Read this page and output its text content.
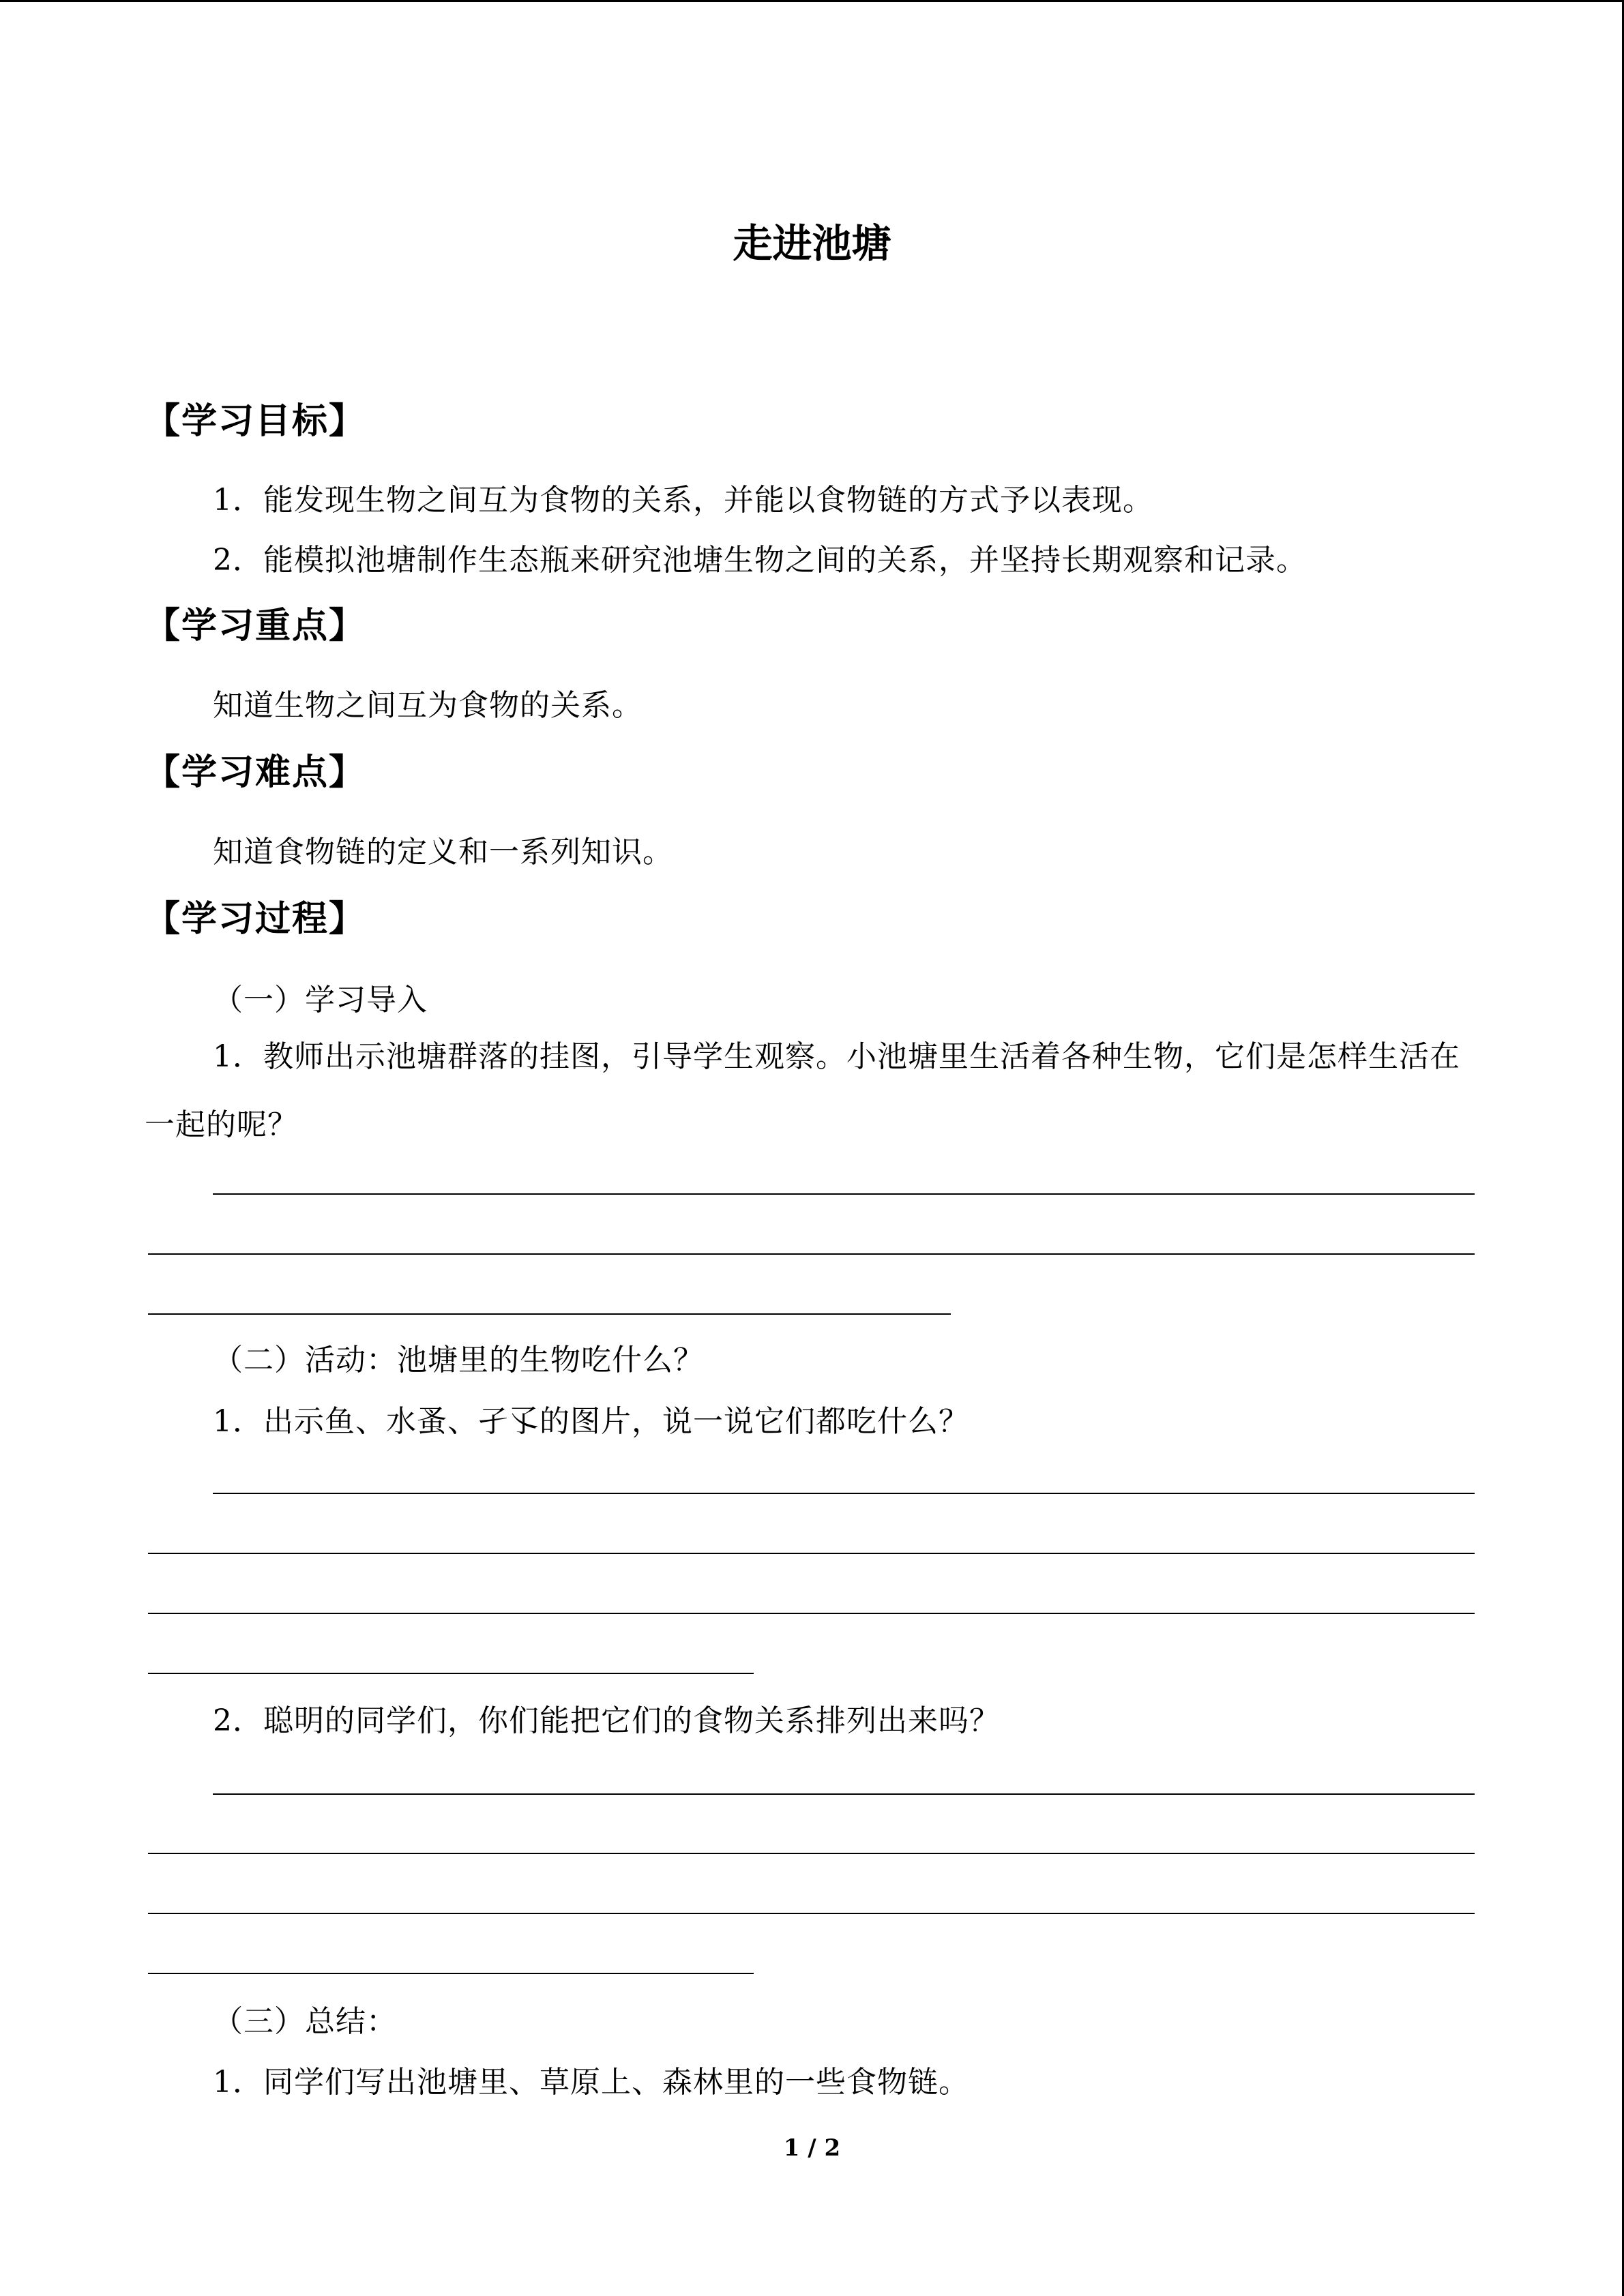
走进池塘
【学习目标】
1．能发现生物之间互为食物的关系，并能以食物链的方式予以表现。
2．能模拟池塘制作生态瓶来研究池塘生物之间的关系，并坚持长期观察和记录。
【学习重点】
知道生物之间互为食物的关系。
【学习难点】
知道食物链的定义和一系列知识。
【学习过程】
（一）学习导入
1．教师出示池塘群落的挂图，引导学生观察。小池塘里生活着各种生物，它们是怎样生活在一起的呢？
（二）活动：池塘里的生物吃什么？
1．出示鱼、水蚤、孑孓的图片，说一说它们都吃什么？
2．聪明的同学们，你们能把它们的食物关系排列出来吗？
（三）总结：
1．同学们写出池塘里、草原上、森林里的一些食物链。
1 / 2
